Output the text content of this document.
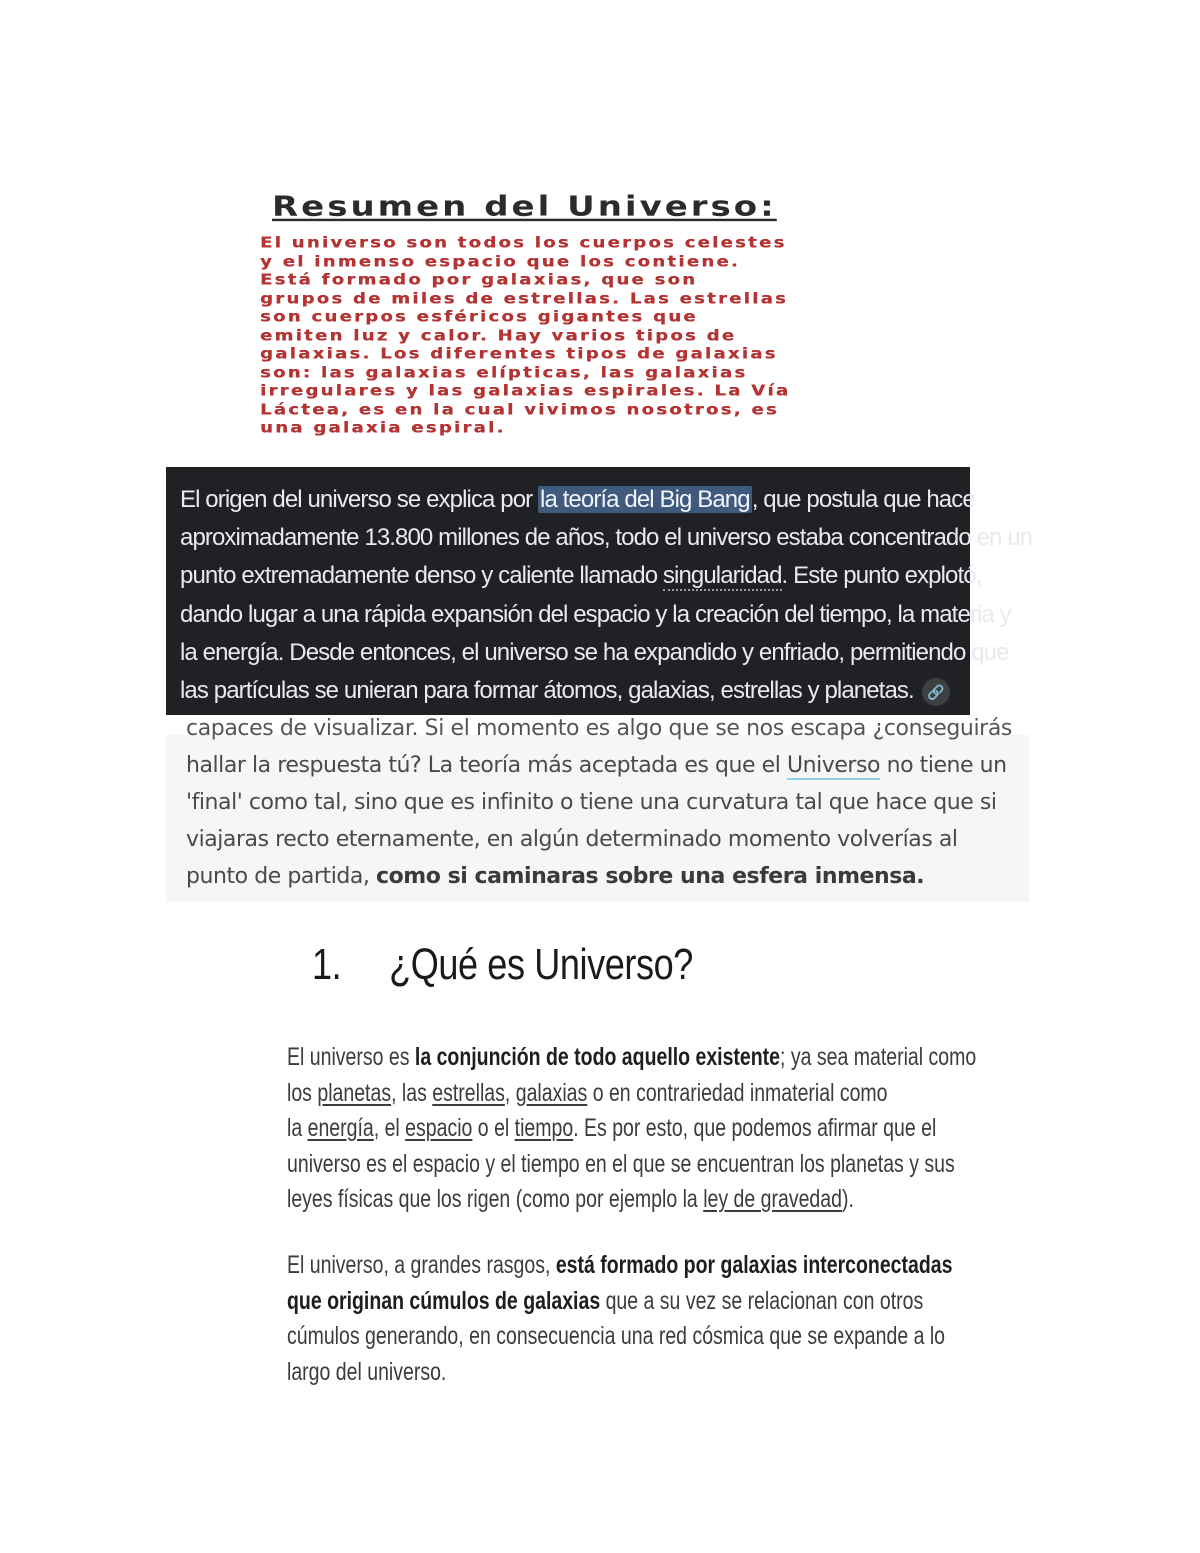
Resumen del Universo:
El universo son todos los cuerpos celestes
y el inmenso espacio que los contiene.
Está formado por galaxias, que son
grupos de miles de estrellas. Las estrellas
son cuerpos esféricos gigantes que
emiten luz y calor. Hay varios tipos de
galaxias. Los diferentes tipos de galaxias
son: las galaxias elípticas, las galaxias
irregulares y las galaxias espirales. La Vía
Láctea, es en la cual vivimos nosotros, es
una galaxia espiral.
El origen del universo se explica por la teoría del Big Bang, que postula que hace
aproximadamente 13.800 millones de años, todo el universo estaba concentrado en un
punto extremadamente denso y caliente llamado singularidad. Este punto explotó,
dando lugar a una rápida expansión del espacio y la creación del tiempo, la materia y
la energía. Desde entonces, el universo se ha expandido y enfriado, permitiendo que
las partículas se unieran para formar átomos, galaxias, estrellas y planetas. 🔗
capaces de visualizar. Si el momento es algo que se nos escapa ¿conseguirás
hallar la respuesta tú? La teoría más aceptada es que el Universo no tiene un
'final' como tal, sino que es infinito o tiene una curvatura tal que hace que si
viajaras recto eternamente, en algún determinado momento volverías al
punto de partida, como si caminaras sobre una esfera inmensa.
1. ¿Qué es Universo?
El universo es la conjunción de todo aquello existente; ya sea material como
los planetas, las estrellas, galaxias o en contrariedad inmaterial como
la energía, el espacio o el tiempo. Es por esto, que podemos afirmar que el
universo es el espacio y el tiempo en el que se encuentran los planetas y sus
leyes físicas que los rigen (como por ejemplo la ley de gravedad).
El universo, a grandes rasgos, está formado por galaxias interconectadas
que originan cúmulos de galaxias que a su vez se relacionan con otros
cúmulos generando, en consecuencia una red cósmica que se expande a lo
largo del universo.
